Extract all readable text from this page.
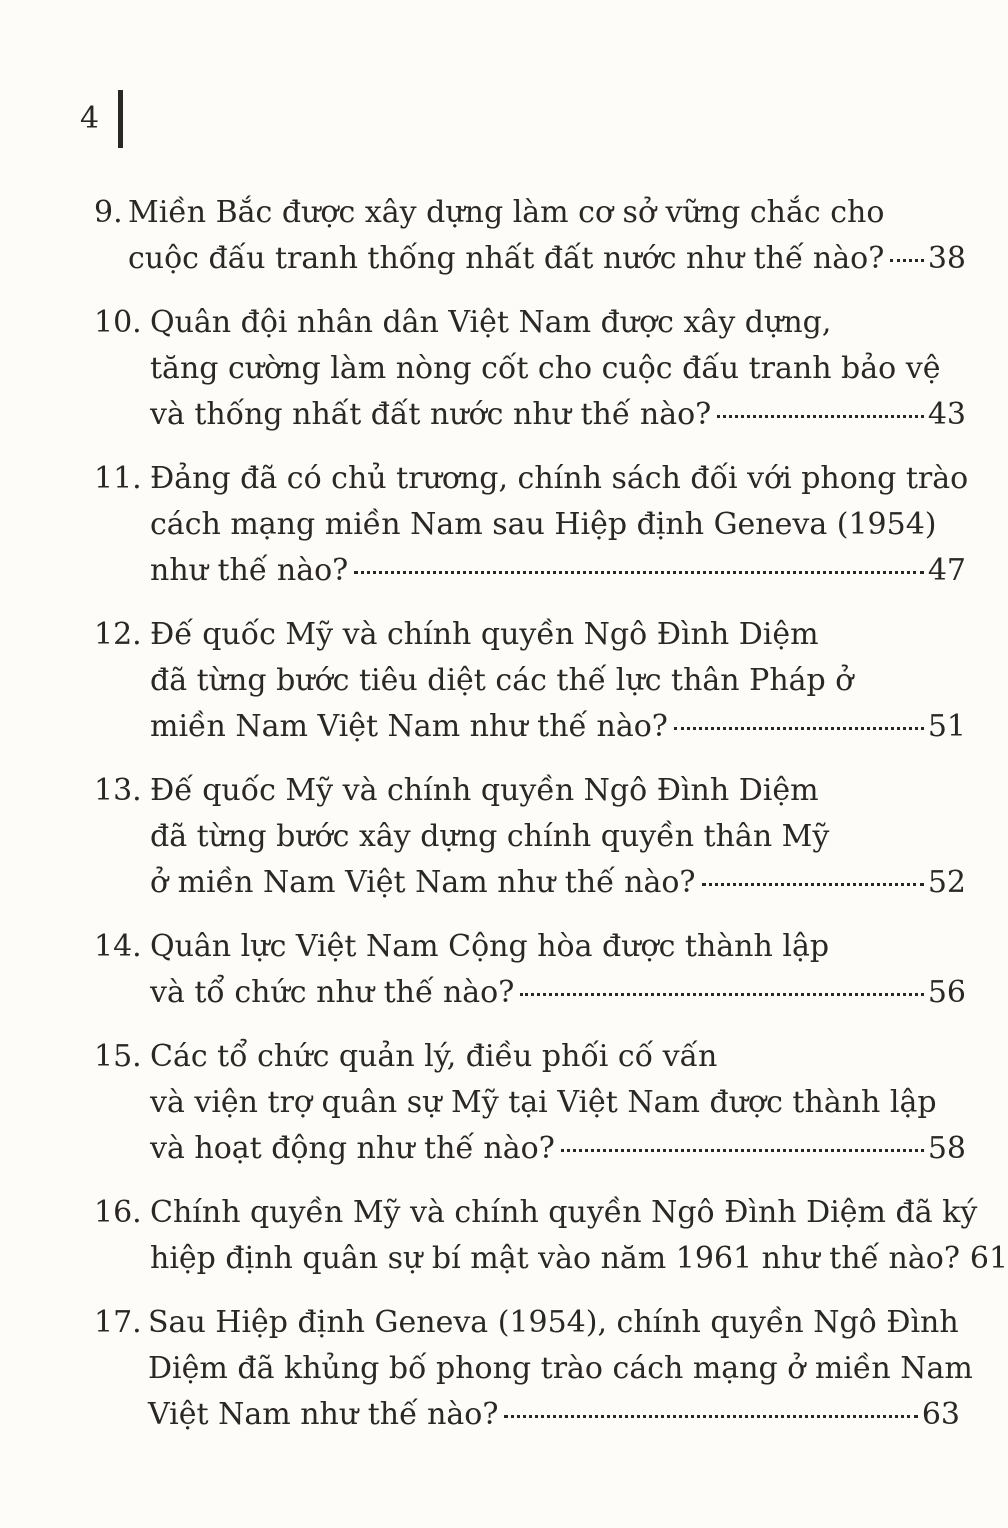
4
9. Miền Bắc được xây dựng làm cơ sở vững chắc cho
cuộc đấu tranh thống nhất đất nước như thế nào? 38
10. Quân đội nhân dân Việt Nam được xây dựng,
tăng cường làm nòng cốt cho cuộc đấu tranh bảo vệ
và thống nhất đất nước như thế nào?	43
11. Đảng đã có chủ trương, chính sách đối với phong trào
cách mạng miền Nam sau Hiệp định Geneva (1954)
như thế nào?	47
12. Đế quốc Mỹ và chính quyền Ngô Đình Diệm
đã từng bước tiêu diệt các thế lực thân Pháp ở
miền Nam Việt Nam như thế nào?	51
13. Đế quốc Mỹ và chính quyền Ngô Đình Diệm
đã từng bước xây dựng chính quyền thân Mỹ
ở miền Nam Việt Nam như thế nào?	52
14. Quân lực Việt Nam Cộng hòa được thành lập
và tổ chức như thế nào?	56
15. Các tổ chức quản lý, điều phối cố vấn
và viện trợ quân sự Mỹ tại Việt Nam được thành lập
và hoạt động như thế nào?	58
16. Chính quyền Mỹ và chính quyền Ngô Đình Diệm đã ký
hiệp định quân sự bí mật vào năm 1961 như thế nào? 61
17. Sau Hiệp định Geneva (1954), chính quyền Ngô Đình
Diệm đã khủng bố phong trào cách mạng ở miền Nam
Việt Nam như thế nào?	63
